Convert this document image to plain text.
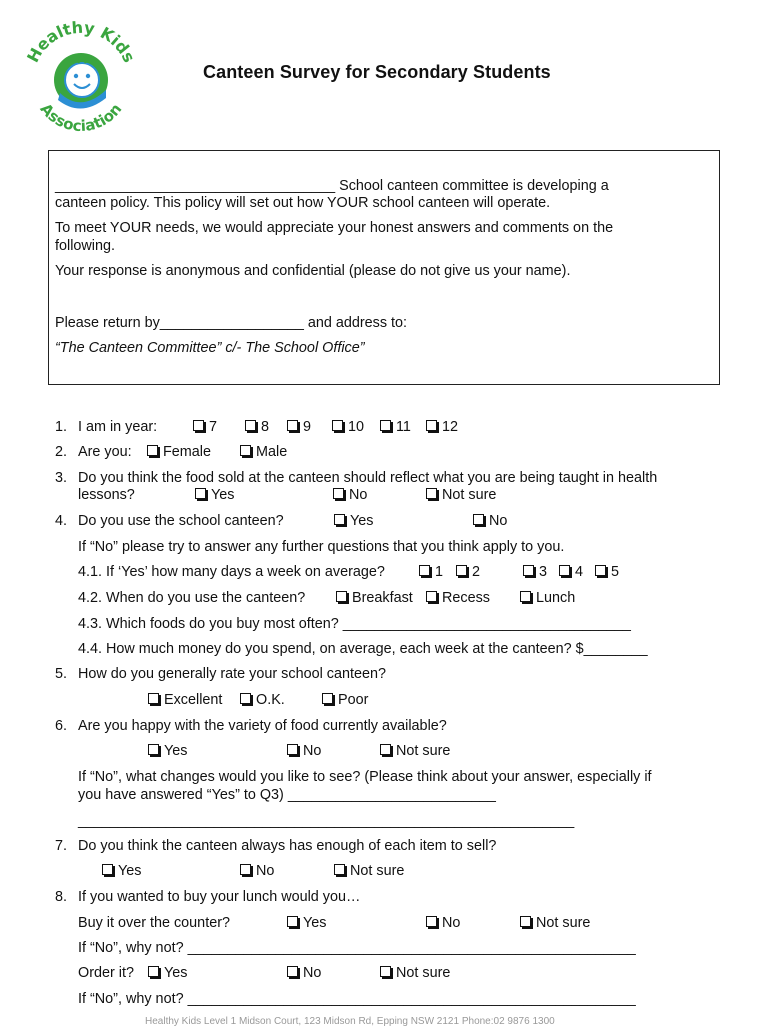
Healthy Kids
Association
Canteen Survey for Secondary Students
___________________________________ School canteen committee is developing a
canteen policy. This policy will set out how YOUR school canteen will operate.
To meet YOUR needs, we would appreciate your honest answers and comments on the
following.
Your response is anonymous and confidential (please do not give us your name).
Please return by__________________ and address to:
“The Canteen Committee” c/- The School Office”
1. I am in year:	7	8	9	10	11	12
2. Are you:	Female	Male
3. Do you think the food sold at the canteen should reflect what you are being taught in health
lessons?	Yes	No	Not sure
4. Do you use the school canteen?	Yes	No
If “No” please try to answer any further questions that you think apply to you.
4.1. If ‘Yes’ how many days a week on average?	1	2	3	4	5
4.2. When do you use the canteen?	Breakfast	Recess	Lunch
4.3. Which foods do you buy most often? ____________________________________
4.4. How much money do you spend, on average, each week at the canteen? $________
5. How do you generally rate your school canteen?
Excellent	O.K.	Poor
6. Are you happy with the variety of food currently available?
Yes	No	Not sure
If “No”, what changes would you like to see? (Please think about your answer, especially if
you have answered “Yes” to Q3) __________________________
______________________________________________________________
7. Do you think the canteen always has enough of each item to sell?
Yes	No	Not sure
8. If you wanted to buy your lunch would you…
Buy it over the counter?	Yes	No	Not sure
If “No”, why not? ________________________________________________________
Order it?	Yes	No	Not sure
If “No”, why not? ________________________________________________________
Healthy Kids Level 1 Midson Court, 123 Midson Rd, Epping NSW 2121 Phone:02 9876 1300
